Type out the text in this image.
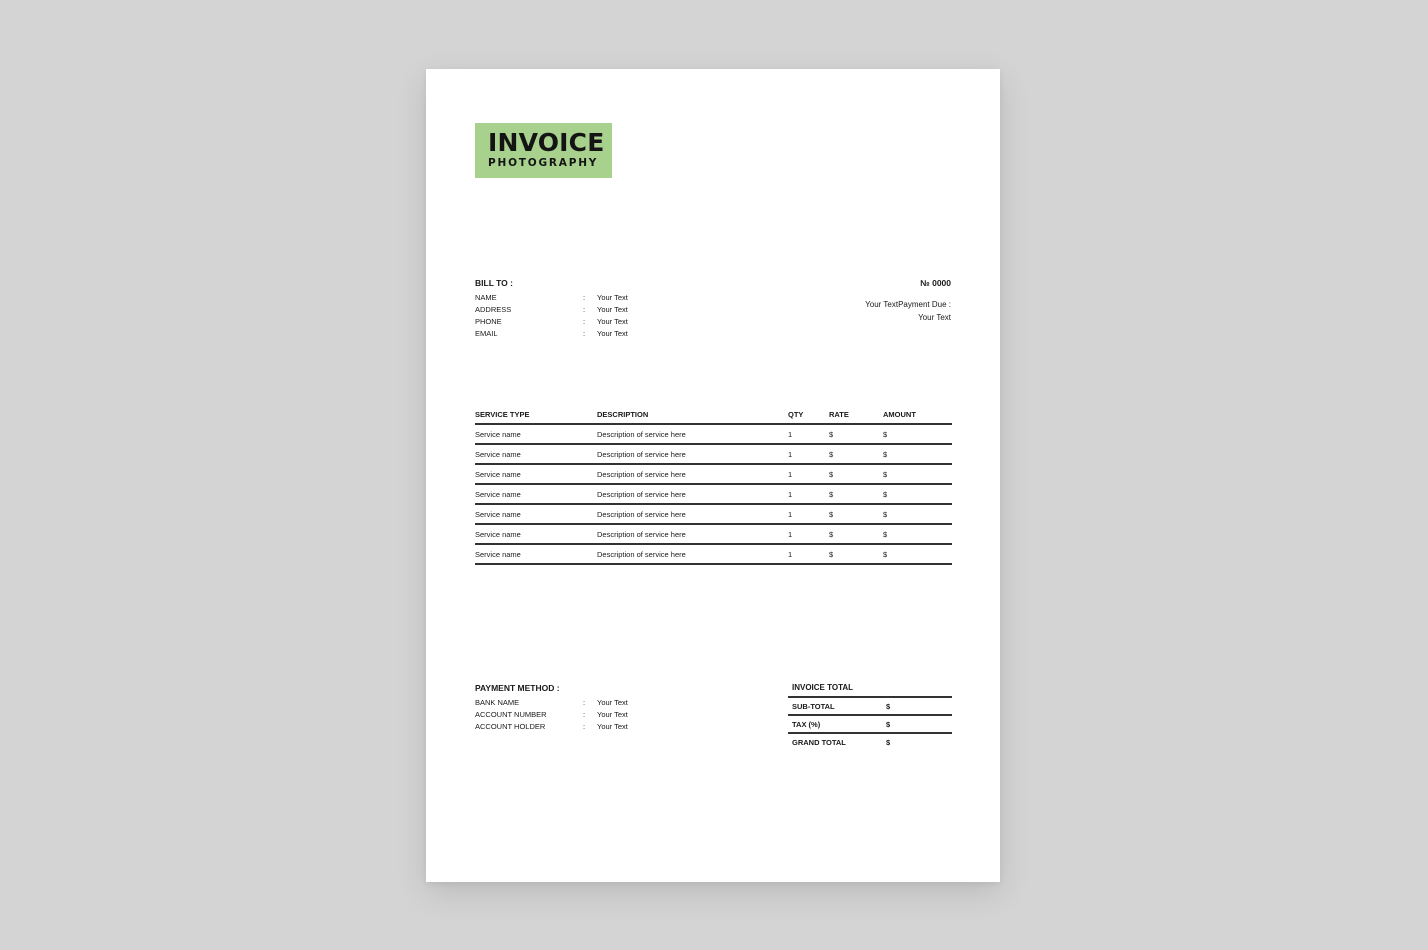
INVOICE
PHOTOGRAPHY
BILL TO :
NAME	: Your Text
ADDRESS	: Your Text
PHONE	: Your Text
EMAIL	: Your Text
№ 0000
Your TextPayment Due :
Your Text
SERVICE TYPE	DESCRIPTION	QTY	RATE	AMOUNT
Service name	Description of service here	1	$	$
Service name	Description of service here	1	$	$
Service name	Description of service here	1	$	$
Service name	Description of service here	1	$	$
Service name	Description of service here	1	$	$
Service name	Description of service here	1	$	$
Service name	Description of service here	1	$	$
PAYMENT METHOD :
BANK NAME	: Your Text
ACCOUNT NUMBER	: Your Text
ACCOUNT HOLDER	: Your Text
INVOICE TOTAL
SUB-TOTAL	$
TAX (%)	$
GRAND TOTAL	$
